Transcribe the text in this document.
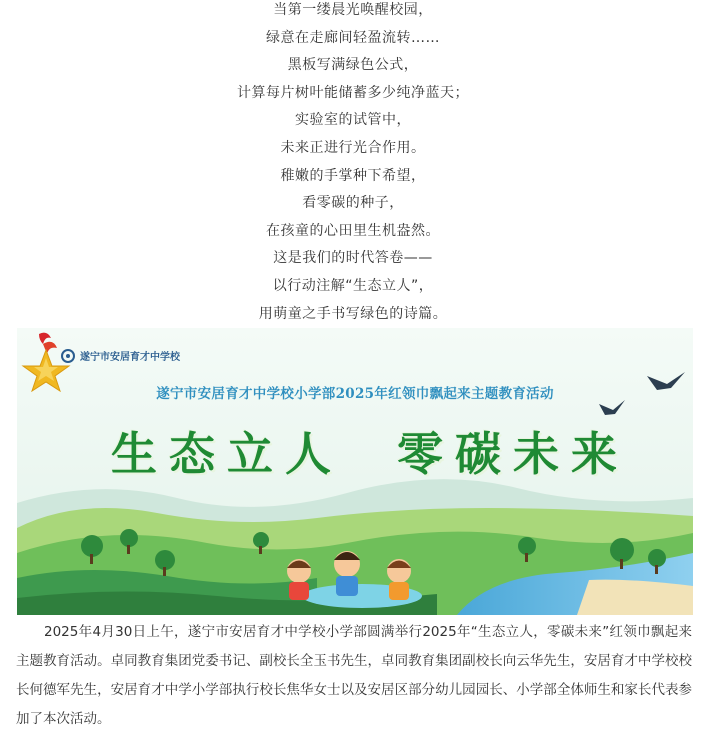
当第一缕晨光唤醒校园，
绿意在走廊间轻盈流转……
黑板写满绿色公式，
计算每片树叶能储蓄多少纯净蓝天；
实验室的试管中，
未来正进行光合作用。
稚嫩的手掌种下希望，
看零碳的种子，
在孩童的心田里生机盎然。
这是我们的时代答卷——
以行动注解“生态立人”，
用萌童之手书写绿色的诗篇。
遂宁市安居育才中学校
遂宁市安居育才中学校小学部2025年红领巾飘起来主题教育活动
生态立人 零碳未来

2025年4月30日上午，遂宁市安居育才中学校小学部圆满举行2025年“生态立人，零碳未来”红领巾飘起来主题教育活动。卓同教育集团党委书记、副校长全玉书先生，卓同教育集团副校长向云华先生，安居育才中学校校长何德军先生，安居育才中学小学部执行校长焦华女士以及安居区部分幼儿园园长、小学部全体师生和家长代表参加了本次活动。
